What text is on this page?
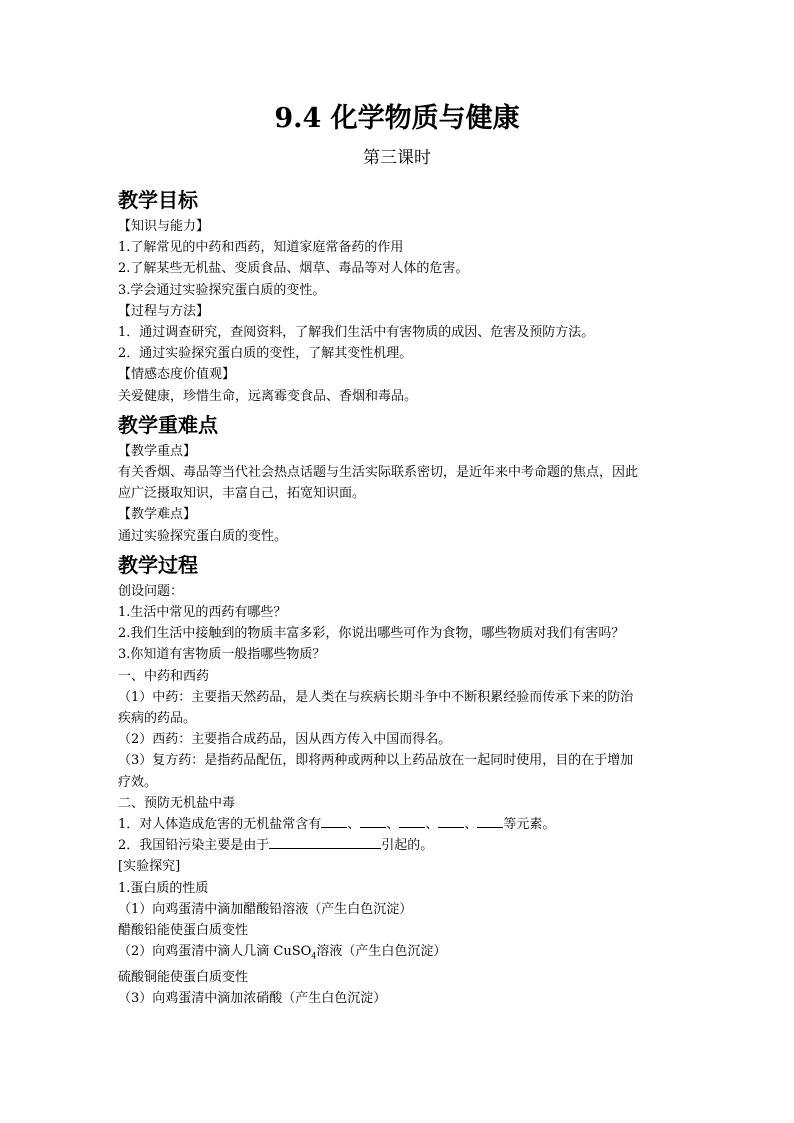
9.4 化学物质与健康
第三课时
教学目标
【知识与能力】
1.了解常见的中药和西药，知道家庭常备药的作用
2.了解某些无机盐、变质食品、烟草、毒品等对人体的危害。
3.学会通过实验探究蛋白质的变性。
【过程与方法】
1．通过调查研究，查阅资料，了解我们生活中有害物质的成因、危害及预防方法。
2．通过实验探究蛋白质的变性，了解其变性机理。
【情感态度价值观】
关爱健康，珍惜生命，远离霉变食品、香烟和毒品。
教学重难点
【教学重点】
有关香烟、毒品等当代社会热点话题与生活实际联系密切，是近年来中考命题的焦点，因此
应广泛摄取知识，丰富自己，拓宽知识面。
【教学难点】
通过实验探究蛋白质的变性。
教学过程
创设问题：
1.生活中常见的西药有哪些？
2.我们生活中接触到的物质丰富多彩，你说出哪些可作为食物，哪些物质对我们有害吗？
3.你知道有害物质一般指哪些物质？
一、中药和西药
（1）中药：主要指天然药品，是人类在与疾病长期斗争中不断积累经验而传承下来的防治
疾病的药品。
（2）西药：主要指合成药品，因从西方传入中国而得名。
（3）复方药：是指药品配伍，即将两种或两种以上药品放在一起同时使用，目的在于增加
疗效。
二、预防无机盐中毒
1．对人体造成危害的无机盐常含有 、 、 、 、 等元素。
2．我国铅污染主要是由于	引起的。
[实验探究]
1.蛋白质的性质
（1）向鸡蛋清中滴加醋酸铅溶液（产生白色沉淀）
醋酸铅能使蛋白质变性
（2）向鸡蛋清中滴人几滴 CuSO$_4$溶液（产生白色沉淀）
硫酸铜能使蛋白质变性
（3）向鸡蛋清中滴加浓硝酸（产生白色沉淀）
